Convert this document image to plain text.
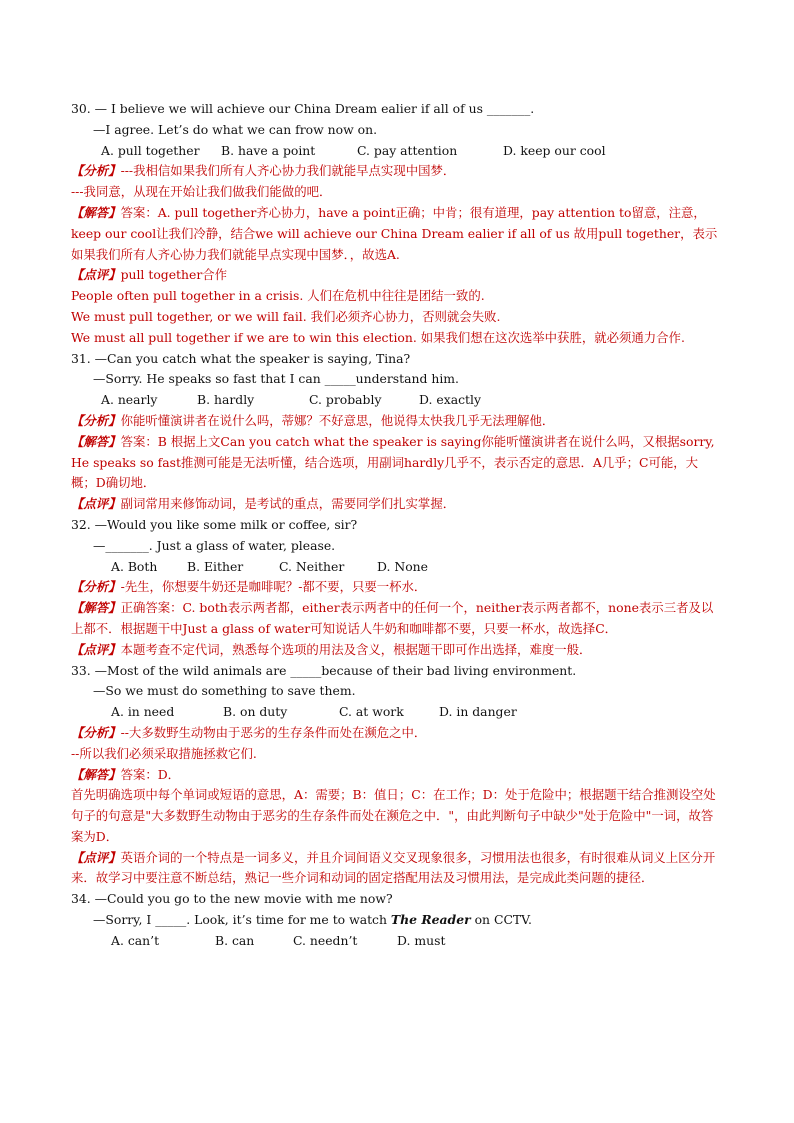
30. — I believe we will achieve our China Dream ealier if all of us _______.
—I agree. Let’s do what we can frow now on.
A. pull together B. have a point	C. pay attention	D. keep our cool
【分析】---我相信如果我们所有人齐心协力我们就能早点实现中国梦．
---我同意，从现在开始让我们做我们能做的吧．
【解答】答案：A. pull together齐心协力，have a point正确；中肯；很有道理，pay attention to留意，注意，keep our cool让我们冷静，结合we will achieve our China Dream ealier if all of us 故用pull together，表示如果我们所有人齐心协力我们就能早点实现中国梦．，故选A.
【点评】pull together合作
People often pull together in a crisis. 人们在危机中往往是团结一致的.
We must pull together, or we will fail. 我们必须齐心协力，否则就会失败.
We must all pull together if we are to win this election. 如果我们想在这次选举中获胜，就必须通力合作.
31. —Can you catch what the speaker is saying, Tina?
—Sorry. He speaks so fast that I can _____understand him.
A. nearly	B. hardly	C. probably	D. exactly
【分析】你能听懂演讲者在说什么吗，蒂娜？不好意思，他说得太快我几乎无法理解他．
【解答】答案：B 根据上文Can you catch what the speaker is saying你能听懂演讲者在说什么吗，又根据sorry, He speaks so fast推测可能是无法听懂，结合选项，用副词hardly几乎不，表示否定的意思．A几乎；C可能，大概；D确切地．
【点评】副词常用来修饰动词，是考试的重点，需要同学们扎实掌握．
32. —Would you like some milk or coffee, sir?
—_______. Just a glass of water, please.
A. Both B. Either	C. Neither	D. None
【分析】-先生，你想要牛奶还是咖啡呢？-都不要，只要一杯水．
【解答】正确答案：C. both表示两者都，either表示两者中的任何一个，neither表示两者都不，none表示三者及以上都不．根据题干中Just a glass of water可知说话人牛奶和咖啡都不要，只要一杯水，故选择C．
【点评】本题考查不定代词，熟悉每个选项的用法及含义，根据题干即可作出选择，难度一般．
33. —Most of the wild animals are _____because of their bad living environment.
—So we must do something to save them.
A. in need	B. on duty	C. at work	D. in danger
【分析】--大多数野生动物由于恶劣的生存条件而处在濒危之中．
--所以我们必须采取措施拯救它们.
【解答】答案：D．
首先明确选项中每个单词或短语的意思，A：需要；B：值日；C：在工作；D：处于危险中；根据题干结合推测设空处句子的句意是"大多数野生动物由于恶劣的生存条件而处在濒危之中．"，由此判断句子中缺少"处于危险中"一词，故答案为D．
【点评】英语介词的一个特点是一词多义，并且介词间语义交叉现象很多，习惯用法也很多，有时很难从词义上区分开来．故学习中要注意不断总结，熟记一些介词和动词的固定搭配用法及习惯用法，是完成此类问题的捷径．
34. —Could you go to the new movie with me now?
—Sorry, I _____. Look, it’s time for me to watch The Reader on CCTV.
A. can’t	B. can	C. needn’t	D. must
